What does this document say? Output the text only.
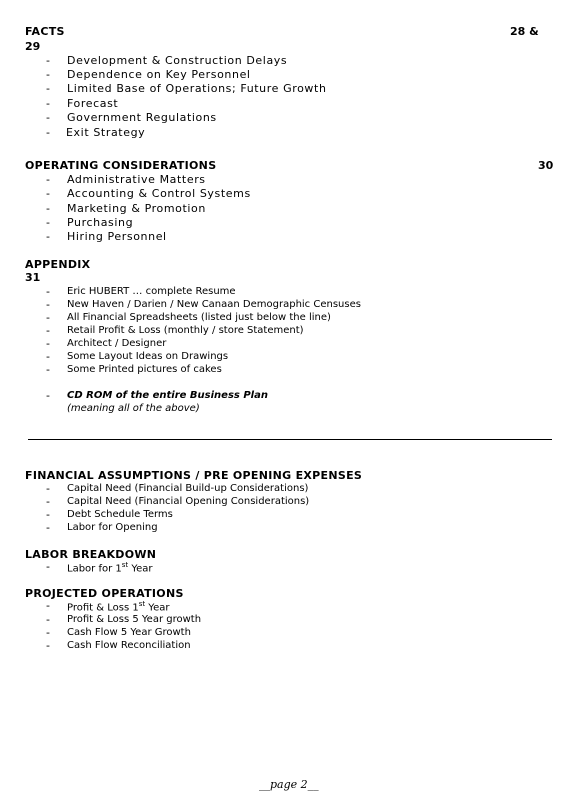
FACTS	28 &
29
- Development & Construction Delays
- Dependence on Key Personnel
- Limited Base of Operations; Future Growth
- Forecast
- Government Regulations
- Exit Strategy
OPERATING CONSIDERATIONS	30
- Administrative Matters
- Accounting & Control Systems
- Marketing & Promotion
- Purchasing
- Hiring Personnel
APPENDIX
31
- Eric HUBERT … complete Resume
- New Haven / Darien / New Canaan Demographic Censuses
- All Financial Spreadsheets (listed just below the line)
- Retail Profit & Loss (monthly / store Statement)
- Architect / Designer
- Some Layout Ideas on Drawings
- Some Printed pictures of cakes
- CD ROM of the entire Business Plan
(meaning all of the above)
FINANCIAL ASSUMPTIONS / PRE OPENING EXPENSES
- Capital Need (Financial Build-up Considerations)
- Capital Need (Financial Opening Considerations)
- Debt Schedule Terms
- Labor for Opening
LABOR BREAKDOWN
- Labor for 1st Year
PROJECTED OPERATIONS
- Profit & Loss 1st Year
- Profit & Loss 5 Year growth
- Cash Flow 5 Year Growth
- Cash Flow Reconciliation
__page 2__
